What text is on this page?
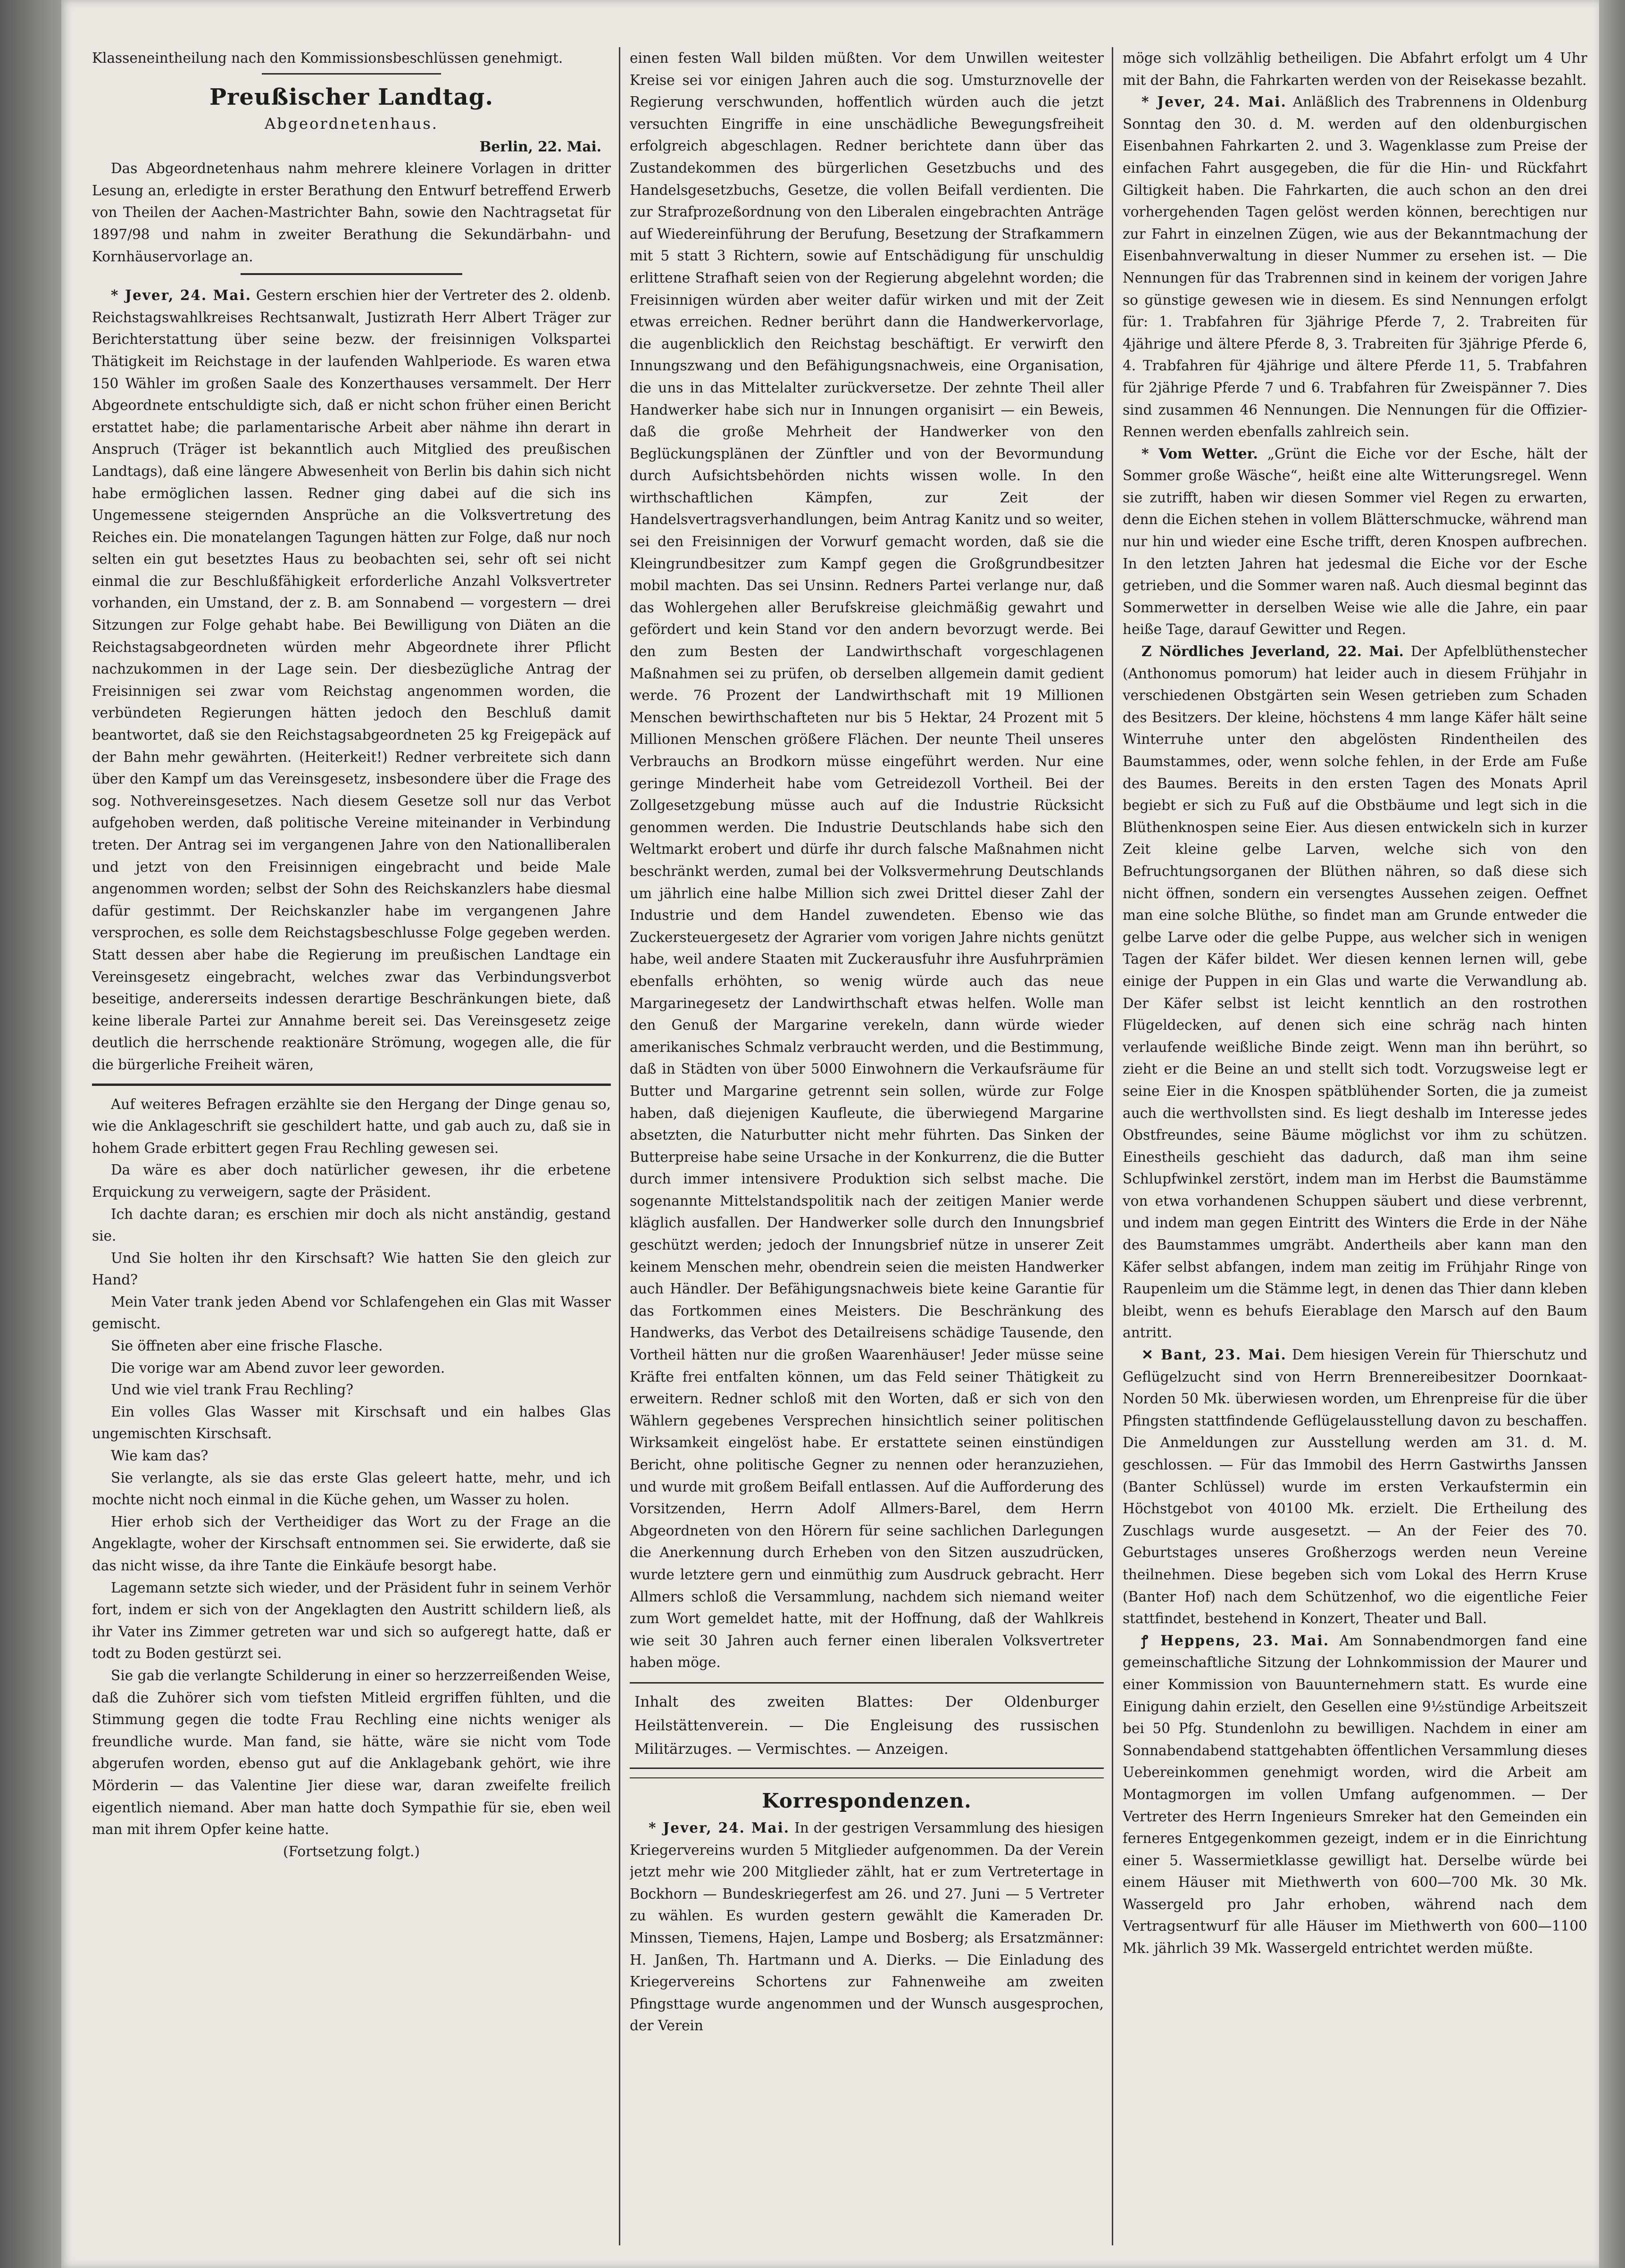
Klasseneintheilung nach den Kommissionsbeschlüssen genehmigt.

Preußischer Landtag.
Abgeordnetenhaus.
Berlin, 22. Mai.

Das Abgeordnetenhaus nahm mehrere kleinere Vorlagen in dritter Lesung an, erledigte in erster Berathung den Entwurf betreffend Erwerb von Theilen der Aachen-Mastrichter Bahn, sowie den Nachtragsetat für 1897/98 und nahm in zweiter Berathung die Sekundärbahn- und Kornhäuservorlage an.

* Jever, 24. Mai. Gestern erschien hier der Vertreter des 2. oldenb. Reichstagswahlkreises Rechtsanwalt, Justizrath Herr Albert Träger zur Berichterstattung über seine bezw. der freisinnigen Volkspartei Thätigkeit im Reichstage in der laufenden Wahlperiode. Es waren etwa 150 Wähler im großen Saale des Konzerthauses versammelt. Der Herr Abgeordnete entschuldigte sich, daß er nicht schon früher einen Bericht erstattet habe; die parlamentarische Arbeit aber nähme ihn derart in Anspruch (Träger ist bekanntlich auch Mitglied des preußischen Landtags), daß eine längere Abwesenheit von Berlin bis dahin sich nicht habe ermöglichen lassen. Redner ging dabei auf die sich ins Ungemessene steigernden Ansprüche an die Volksvertretung des Reiches ein. Die monatelangen Tagungen hätten zur Folge, daß nur noch selten ein gut besetztes Haus zu beobachten sei, sehr oft sei nicht einmal die zur Beschlußfähigkeit erforderliche Anzahl Volksvertreter vorhanden, ein Umstand, der z. B. am Sonnabend — vorgestern — drei Sitzungen zur Folge gehabt habe. Bei Bewilligung von Diäten an die Reichstagsabgeordneten würden mehr Abgeordnete ihrer Pflicht nachzukommen in der Lage sein. Der diesbezügliche Antrag der Freisinnigen sei zwar vom Reichstag angenommen worden, die verbündeten Regierungen hätten jedoch den Beschluß damit beantwortet, daß sie den Reichstagsabgeordneten 25 kg Freigepäck auf der Bahn mehr gewährten. (Heiterkeit!) Redner verbreitete sich dann über den Kampf um das Vereinsgesetz, insbesondere über die Frage des sog. Nothvereinsgesetzes. Nach diesem Gesetze soll nur das Verbot aufgehoben werden, daß politische Vereine miteinander in Verbindung treten. Der Antrag sei im vergangenen Jahre von den Nationalliberalen und jetzt von den Freisinnigen eingebracht und beide Male angenommen worden; selbst der Sohn des Reichskanzlers habe diesmal dafür gestimmt. Der Reichskanzler habe im vergangenen Jahre versprochen, es solle dem Reichstagsbeschlusse Folge gegeben werden. Statt dessen aber habe die Regierung im preußischen Landtage ein Vereinsgesetz eingebracht, welches zwar das Verbindungsverbot beseitige, andererseits indessen derartige Beschränkungen biete, daß keine liberale Partei zur Annahme bereit sei. Das Vereinsgesetz zeige deutlich die herrschende reaktionäre Strömung, wogegen alle, die für die bürgerliche Freiheit wären,

Auf weiteres Befragen erzählte sie den Hergang der Dinge genau so, wie die Anklageschrift sie geschildert hatte, und gab auch zu, daß sie in hohem Grade erbittert gegen Frau Rechling gewesen sei.

Da wäre es aber doch natürlicher gewesen, ihr die erbetene Erquickung zu verweigern, sagte der Präsident.

Ich dachte daran; es erschien mir doch als nicht anständig, gestand sie.

Und Sie holten ihr den Kirschsaft? Wie hatten Sie den gleich zur Hand?

Mein Vater trank jeden Abend vor Schlafengehen ein Glas mit Wasser gemischt.

Sie öffneten aber eine frische Flasche.

Die vorige war am Abend zuvor leer geworden.

Und wie viel trank Frau Rechling?

Ein volles Glas Wasser mit Kirschsaft und ein halbes Glas ungemischten Kirschsaft.

Wie kam das?

Sie verlangte, als sie das erste Glas geleert hatte, mehr, und ich mochte nicht noch einmal in die Küche gehen, um Wasser zu holen.

Hier erhob sich der Vertheidiger das Wort zu der Frage an die Angeklagte, woher der Kirschsaft entnommen sei. Sie erwiderte, daß sie das nicht wisse, da ihre Tante die Einkäufe besorgt habe.

Lagemann setzte sich wieder, und der Präsident fuhr in seinem Verhör fort, indem er sich von der Angeklagten den Austritt schildern ließ, als ihr Vater ins Zimmer getreten war und sich so aufgeregt hatte, daß er todt zu Boden gestürzt sei.

Sie gab die verlangte Schilderung in einer so herzzerreißenden Weise, daß die Zuhörer sich vom tiefsten Mitleid ergriffen fühlten, und die Stimmung gegen die todte Frau Rechling eine nichts weniger als freundliche wurde. Man fand, sie hätte, wäre sie nicht vom Tode abgerufen worden, ebenso gut auf die Anklagebank gehört, wie ihre Mörderin — das Valentine Jier diese war, daran zweifelte freilich eigentlich niemand. Aber man hatte doch Sympathie für sie, eben weil man mit ihrem Opfer keine hatte.

(Fortsetzung folgt.)

einen festen Wall bilden müßten. Vor dem Unwillen weitester Kreise sei vor einigen Jahren auch die sog. Umsturznovelle der Regierung verschwunden, hoffentlich würden auch die jetzt versuchten Eingriffe in eine unschädliche Bewegungsfreiheit erfolgreich abgeschlagen. Redner berichtete dann über das Zustandekommen des bürgerlichen Gesetzbuchs und des Handelsgesetzbuchs, Gesetze, die vollen Beifall verdienten. Die zur Strafprozeßordnung von den Liberalen eingebrachten Anträge auf Wiedereinführung der Berufung, Besetzung der Strafkammern mit 5 statt 3 Richtern, sowie auf Entschädigung für unschuldig erlittene Strafhaft seien von der Regierung abgelehnt worden; die Freisinnigen würden aber weiter dafür wirken und mit der Zeit etwas erreichen. Redner berührt dann die Handwerkervorlage, die augenblicklich den Reichstag beschäftigt. Er verwirft den Innungszwang und den Befähigungsnachweis, eine Organisation, die uns in das Mittelalter zurückversetze. Der zehnte Theil aller Handwerker habe sich nur in Innungen organisirt — ein Beweis, daß die große Mehrheit der Handwerker von den Beglückungsplänen der Zünftler und von der Bevormundung durch Aufsichtsbehörden nichts wissen wolle. In den wirthschaftlichen Kämpfen, zur Zeit der Handelsvertragsverhandlungen, beim Antrag Kanitz und so weiter, sei den Freisinnigen der Vorwurf gemacht worden, daß sie die Kleingrundbesitzer zum Kampf gegen die Großgrundbesitzer mobil machten. Das sei Unsinn. Redners Partei verlange nur, daß das Wohlergehen aller Berufskreise gleichmäßig gewahrt und gefördert und kein Stand vor den andern bevorzugt werde. Bei den zum Besten der Landwirthschaft vorgeschlagenen Maßnahmen sei zu prüfen, ob derselben allgemein damit gedient werde. 76 Prozent der Landwirthschaft mit 19 Millionen Menschen bewirthschafteten nur bis 5 Hektar, 24 Prozent mit 5 Millionen Menschen größere Flächen. Der neunte Theil unseres Verbrauchs an Brodkorn müsse eingeführt werden. Nur eine geringe Minderheit habe vom Getreidezoll Vortheil. Bei der Zollgesetzgebung müsse auch auf die Industrie Rücksicht genommen werden. Die Industrie Deutschlands habe sich den Weltmarkt erobert und dürfe ihr durch falsche Maßnahmen nicht beschränkt werden, zumal bei der Volksvermehrung Deutschlands um jährlich eine halbe Million sich zwei Drittel dieser Zahl der Industrie und dem Handel zuwendeten. Ebenso wie das Zuckersteuergesetz der Agrarier vom vorigen Jahre nichts genützt habe, weil andere Staaten mit Zuckerausfuhr ihre Ausfuhrprämien ebenfalls erhöhten, so wenig würde auch das neue Margarinegesetz der Landwirthschaft etwas helfen. Wolle man den Genuß der Margarine verekeln, dann würde wieder amerikanisches Schmalz verbraucht werden, und die Bestimmung, daß in Städten von über 5000 Einwohnern die Verkaufsräume für Butter und Margarine getrennt sein sollen, würde zur Folge haben, daß diejenigen Kaufleute, die überwiegend Margarine absetzten, die Naturbutter nicht mehr führten. Das Sinken der Butterpreise habe seine Ursache in der Konkurrenz, die die Butter durch immer intensivere Produktion sich selbst mache. Die sogenannte Mittelstandspolitik nach der zeitigen Manier werde kläglich ausfallen. Der Handwerker solle durch den Innungsbrief geschützt werden; jedoch der Innungsbrief nütze in unserer Zeit keinem Menschen mehr, obendrein seien die meisten Handwerker auch Händler. Der Befähigungsnachweis biete keine Garantie für das Fortkommen eines Meisters. Die Beschränkung des Handwerks, das Verbot des Detailreisens schädige Tausende, den Vortheil hätten nur die großen Waarenhäuser! Jeder müsse seine Kräfte frei entfalten können, um das Feld seiner Thätigkeit zu erweitern. Redner schloß mit den Worten, daß er sich von den Wählern gegebenes Versprechen hinsichtlich seiner politischen Wirksamkeit eingelöst habe. Er erstattete seinen einstündigen Bericht, ohne politische Gegner zu nennen oder heranzuziehen, und wurde mit großem Beifall entlassen. Auf die Aufforderung des Vorsitzenden, Herrn Adolf Allmers-Barel, dem Herrn Abgeordneten von den Hörern für seine sachlichen Darlegungen die Anerkennung durch Erheben von den Sitzen auszudrücken, wurde letztere gern und einmüthig zum Ausdruck gebracht. Herr Allmers schloß die Versammlung, nachdem sich niemand weiter zum Wort gemeldet hatte, mit der Hoffnung, daß der Wahlkreis wie seit 30 Jahren auch ferner einen liberalen Volksvertreter haben möge.

Inhalt des zweiten Blattes: Der Oldenburger Heilstättenverein. — Die Engleisung des russischen Militärzuges. — Vermischtes. — Anzeigen.
Korrespondenzen.

* Jever, 24. Mai. In der gestrigen Versammlung des hiesigen Kriegervereins wurden 5 Mitglieder aufgenommen. Da der Verein jetzt mehr wie 200 Mitglieder zählt, hat er zum Vertretertage in Bockhorn — Bundeskriegerfest am 26. und 27. Juni — 5 Vertreter zu wählen. Es wurden gestern gewählt die Kameraden Dr. Minssen, Tiemens, Hajen, Lampe und Bosberg; als Ersatzmänner: H. Janßen, Th. Hartmann und A. Dierks. — Die Einladung des Kriegervereins Schortens zur Fahnenweihe am zweiten Pfingsttage wurde angenommen und der Wunsch ausgesprochen, der Verein

möge sich vollzählig betheiligen. Die Abfahrt erfolgt um 4 Uhr mit der Bahn, die Fahrkarten werden von der Reisekasse bezahlt.

* Jever, 24. Mai. Anläßlich des Trabrennens in Oldenburg Sonntag den 30. d. M. werden auf den oldenburgischen Eisenbahnen Fahrkarten 2. und 3. Wagenklasse zum Preise der einfachen Fahrt ausgegeben, die für die Hin- und Rückfahrt Giltigkeit haben. Die Fahrkarten, die auch schon an den drei vorhergehenden Tagen gelöst werden können, berechtigen nur zur Fahrt in einzelnen Zügen, wie aus der Bekanntmachung der Eisenbahnverwaltung in dieser Nummer zu ersehen ist. — Die Nennungen für das Trabrennen sind in keinem der vorigen Jahre so günstige gewesen wie in diesem. Es sind Nennungen erfolgt für: 1. Trabfahren für 3jährige Pferde 7, 2. Trabreiten für 4jährige und ältere Pferde 8, 3. Trabreiten für 3jährige Pferde 6, 4. Trabfahren für 4jährige und ältere Pferde 11, 5. Trabfahren für 2jährige Pferde 7 und 6. Trabfahren für Zweispänner 7. Dies sind zusammen 46 Nennungen. Die Nennungen für die Offizier-Rennen werden ebenfalls zahlreich sein.

* Vom Wetter. „Grünt die Eiche vor der Esche, hält der Sommer große Wäsche“, heißt eine alte Witterungsregel. Wenn sie zutrifft, haben wir diesen Sommer viel Regen zu erwarten, denn die Eichen stehen in vollem Blätterschmucke, während man nur hin und wieder eine Esche trifft, deren Knospen aufbrechen. In den letzten Jahren hat jedesmal die Eiche vor der Esche getrieben, und die Sommer waren naß. Auch diesmal beginnt das Sommerwetter in derselben Weise wie alle die Jahre, ein paar heiße Tage, darauf Gewitter und Regen.

Z Nördliches Jeverland, 22. Mai. Der Apfelblüthenstecher (Anthonomus pomorum) hat leider auch in diesem Frühjahr in verschiedenen Obstgärten sein Wesen getrieben zum Schaden des Besitzers. Der kleine, höchstens 4 mm lange Käfer hält seine Winterruhe unter den abgelösten Rindentheilen des Baumstammes, oder, wenn solche fehlen, in der Erde am Fuße des Baumes. Bereits in den ersten Tagen des Monats April begiebt er sich zu Fuß auf die Obstbäume und legt sich in die Blüthenknospen seine Eier. Aus diesen entwickeln sich in kurzer Zeit kleine gelbe Larven, welche sich von den Befruchtungsorganen der Blüthen nähren, so daß diese sich nicht öffnen, sondern ein versengtes Aussehen zeigen. Oeffnet man eine solche Blüthe, so findet man am Grunde entweder die gelbe Larve oder die gelbe Puppe, aus welcher sich in wenigen Tagen der Käfer bildet. Wer diesen kennen lernen will, gebe einige der Puppen in ein Glas und warte die Verwandlung ab. Der Käfer selbst ist leicht kenntlich an den rostrothen Flügeldecken, auf denen sich eine schräg nach hinten verlaufende weißliche Binde zeigt. Wenn man ihn berührt, so zieht er die Beine an und stellt sich todt. Vorzugsweise legt er seine Eier in die Knospen spätblühender Sorten, die ja zumeist auch die werthvollsten sind. Es liegt deshalb im Interesse jedes Obstfreundes, seine Bäume möglichst vor ihm zu schützen. Einestheils geschieht das dadurch, daß man ihm seine Schlupfwinkel zerstört, indem man im Herbst die Baumstämme von etwa vorhandenen Schuppen säubert und diese verbrennt, und indem man gegen Eintritt des Winters die Erde in der Nähe des Baumstammes umgräbt. Andertheils aber kann man den Käfer selbst abfangen, indem man zeitig im Frühjahr Ringe von Raupenleim um die Stämme legt, in denen das Thier dann kleben bleibt, wenn es behufs Eierablage den Marsch auf den Baum antritt.

✕ Bant, 23. Mai. Dem hiesigen Verein für Thierschutz und Geflügelzucht sind von Herrn Brennereibesitzer Doornkaat-Norden 50 Mk. überwiesen worden, um Ehrenpreise für die über Pfingsten stattfindende Geflügelausstellung davon zu beschaffen. Die Anmeldungen zur Ausstellung werden am 31. d. M. geschlossen. — Für das Immobil des Herrn Gastwirths Janssen (Banter Schlüssel) wurde im ersten Verkaufstermin ein Höchstgebot von 40100 Mk. erzielt. Die Ertheilung des Zuschlags wurde ausgesetzt. — An der Feier des 70. Geburtstages unseres Großherzogs werden neun Vereine theilnehmen. Diese begeben sich vom Lokal des Herrn Kruse (Banter Hof) nach dem Schützenhof, wo die eigentliche Feier stattfindet, bestehend in Konzert, Theater und Ball.

ꝭ Heppens, 23. Mai. Am Sonnabendmorgen fand eine gemeinschaftliche Sitzung der Lohnkommission der Maurer und einer Kommission von Bauunternehmern statt. Es wurde eine Einigung dahin erzielt, den Gesellen eine 9½stündige Arbeitszeit bei 50 Pfg. Stundenlohn zu bewilligen. Nachdem in einer am Sonnabendabend stattgehabten öffentlichen Versammlung dieses Uebereinkommen genehmigt worden, wird die Arbeit am Montagmorgen im vollen Umfang aufgenommen. — Der Vertreter des Herrn Ingenieurs Smreker hat den Gemeinden ein ferneres Entgegenkommen gezeigt, indem er in die Einrichtung einer 5. Wassermietklasse gewilligt hat. Derselbe würde bei einem Häuser mit Miethwerth von 600—700 Mk. 30 Mk. Wassergeld pro Jahr erhoben, während nach dem Vertragsentwurf für alle Häuser im Miethwerth von 600—1100 Mk. jährlich 39 Mk. Wassergeld entrichtet werden müßte.
